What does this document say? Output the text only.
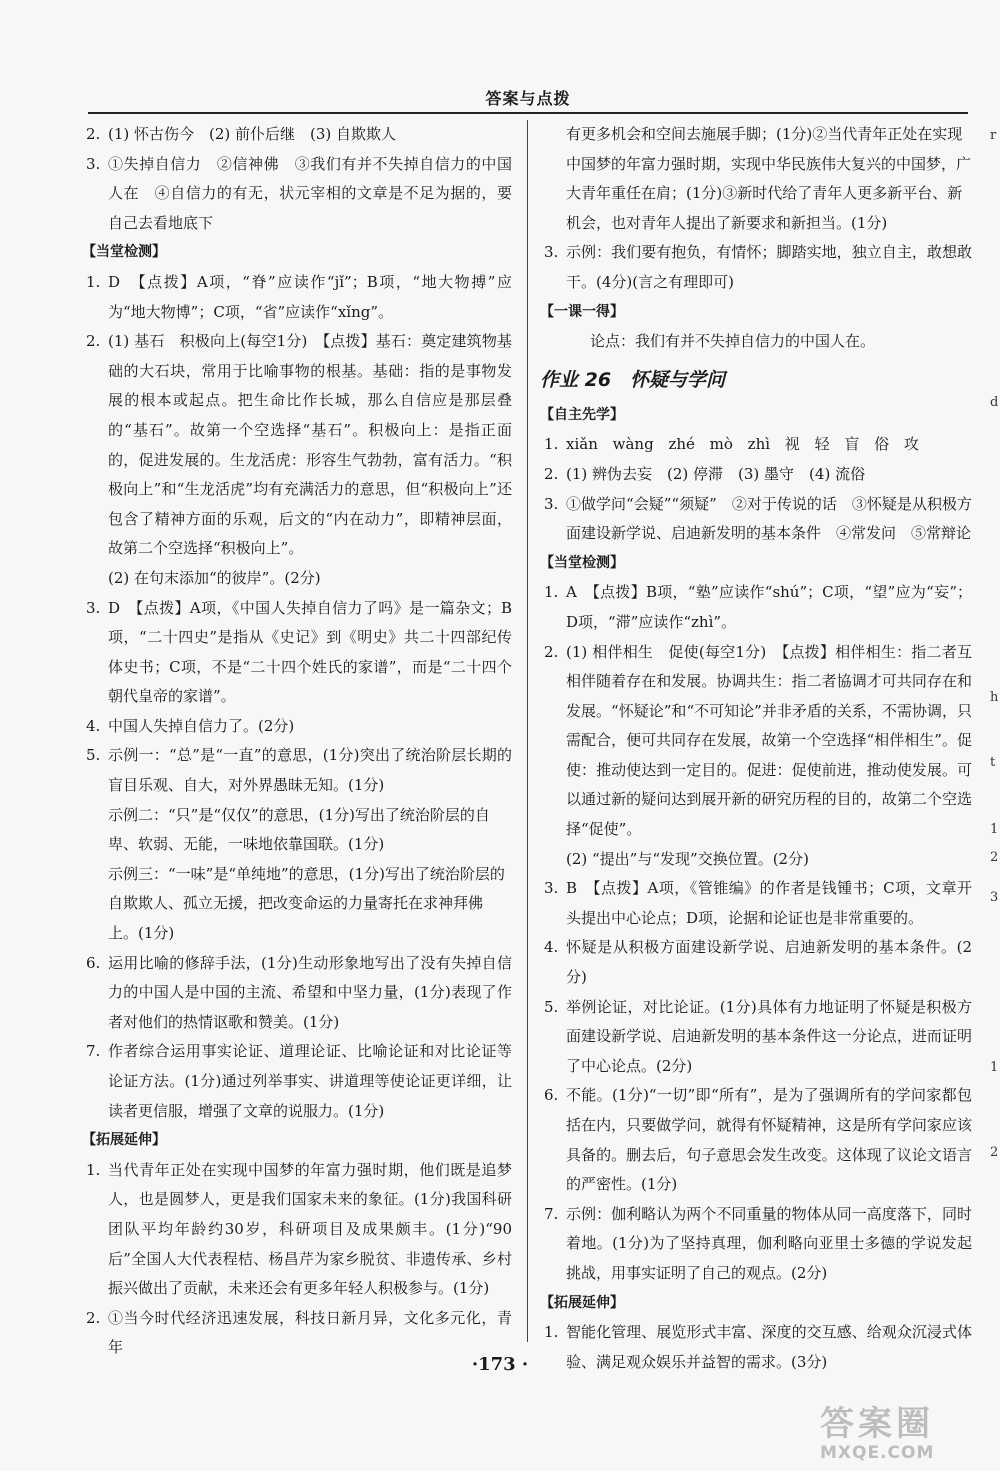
答案与点拨
2. (1) 怀古伤今　(2) 前仆后继　(3) 自欺欺人
3. ①失掉自信力　②信神佛　③我们有并不失掉自信力的中国人在　④自信力的有无，状元宰相的文章是不足为据的，要自己去看地底下
【当堂检测】
1. D　【点拨】A项，“脊”应读作“jǐ”；B项，“地大物搏”应为“地大物博”；C项，“省”应读作“xǐng”。
2. (1) 基石　积极向上(每空1分)　【点拨】基石：奠定建筑物基础的大石块，常用于比喻事物的根基。基础：指的是事物发展的根本或起点。把生命比作长城，那么自信应是那层叠的“基石”。故第一个空选择“基石”。积极向上：是指正面的，促进发展的。生龙活虎：形容生气勃勃，富有活力。“积极向上”和“生龙活虎”均有充满活力的意思，但“积极向上”还包含了精神方面的乐观，后文的“内在动力”，即精神层面，故第二个空选择“积极向上”。
(2) 在句末添加“的彼岸”。(2分)
3. D　【点拨】A项，《中国人失掉自信力了吗》是一篇杂文；B项，“二十四史”是指从《史记》到《明史》共二十四部纪传体史书；C项，不是“二十四个姓氏的家谱”，而是“二十四个朝代皇帝的家谱”。
4. 中国人失掉自信力了。(2分)
5. 示例一：“总”是“一直”的意思，(1分)突出了统治阶层长期的盲目乐观、自大，对外界愚昧无知。(1分)
示例二：“只”是“仅仅”的意思，(1分)写出了统治阶层的自卑、软弱、无能，一味地依靠国联。(1分)
示例三：“一味”是“单纯地”的意思，(1分)写出了统治阶层的自欺欺人、孤立无援，把改变命运的力量寄托在求神拜佛上。(1分)
6. 运用比喻的修辞手法，(1分)生动形象地写出了没有失掉自信力的中国人是中国的主流、希望和中坚力量，(1分)表现了作者对他们的热情讴歌和赞美。(1分)
7. 作者综合运用事实论证、道理论证、比喻论证和对比论证等论证方法。(1分)通过列举事实、讲道理等使论证更详细，让读者更信服，增强了文章的说服力。(1分)
【拓展延伸】
1. 当代青年正处在实现中国梦的年富力强时期，他们既是追梦人，也是圆梦人，更是我们国家未来的象征。(1分)我国科研团队平均年龄约30岁，科研项目及成果颇丰。(1分)“90后”全国人大代表程桔、杨昌芹为家乡脱贫、非遗传承、乡村振兴做出了贡献，未来还会有更多年轻人积极参与。(1分)
2. ①当今时代经济迅速发展，科技日新月异，文化多元化，青年
有更多机会和空间去施展手脚；(1分)②当代青年正处在实现中国梦的年富力强时期，实现中华民族伟大复兴的中国梦，广大青年重任在肩；(1分)③新时代给了青年人更多新平台、新机会，也对青年人提出了新要求和新担当。(1分)
3. 示例：我们要有抱负，有情怀；脚踏实地，独立自主，敢想敢干。(4分)(言之有理即可)
【一课一得】
论点：我们有并不失掉自信力的中国人在。
作业 26　怀疑与学问
【自主先学】
1. xiǎn wàng zhé mò zhì 视 轻 盲 俗 攻
2. (1) 辨伪去妄　(2) 停滞　(3) 墨守　(4) 流俗
3. ①做学问“会疑”“须疑”　②对于传说的话　③怀疑是从积极方面建设新学说、启迪新发明的基本条件　④常发问　⑤常辩论
【当堂检测】
1. A　【点拨】B项，“塾”应读作“shú”；C项，“望”应为“妄”；D项，“滞”应读作“zhì”。
2. (1) 相伴相生　促使(每空1分)　【点拨】相伴相生：指二者互相伴随着存在和发展。协调共生：指二者協调才可共同存在和发展。“怀疑论”和“不可知论”并非矛盾的关系，不需协调，只需配合，便可共同存在发展，故第一个空选择“相伴相生”。促使：推动使达到一定目的。促进：促使前进，推动使发展。可以通过新的疑问达到展开新的研究历程的目的，故第二个空选择“促使”。
(2) “提出”与“发现”交换位置。(2分)
3. B　【点拨】A项，《管锥编》的作者是钱锺书；C项，文章开头提出中心论点；D项，论据和论证也是非常重要的。
4. 怀疑是从积极方面建设新学说、启迪新发明的基本条件。(2分)
5. 举例论证，对比论证。(1分)具体有力地证明了怀疑是积极方面建设新学说、启迪新发明的基本条件这一分论点，进而证明了中心论点。(2分)
6. 不能。(1分)“一切”即“所有”，是为了强调所有的学问家都包括在内，只要做学问，就得有怀疑精神，这是所有学问家应该具备的。删去后，句子意思会发生改变。这体现了议论文语言的严密性。(1分)
7. 示例：伽利略认为两个不同重量的物体从同一高度落下，同时着地。(1分)为了坚持真理，伽利略向亚里士多德的学说发起挑战，用事实证明了自己的观点。(2分)
【拓展延伸】
1. 智能化管理、展览形式丰富、深度的交互感、给观众沉浸式体验、满足观众娱乐并益智的需求。(3分)
·173 ·
答案圈
MXQE.COM
r
d
h
t
1
2
3
1
2
